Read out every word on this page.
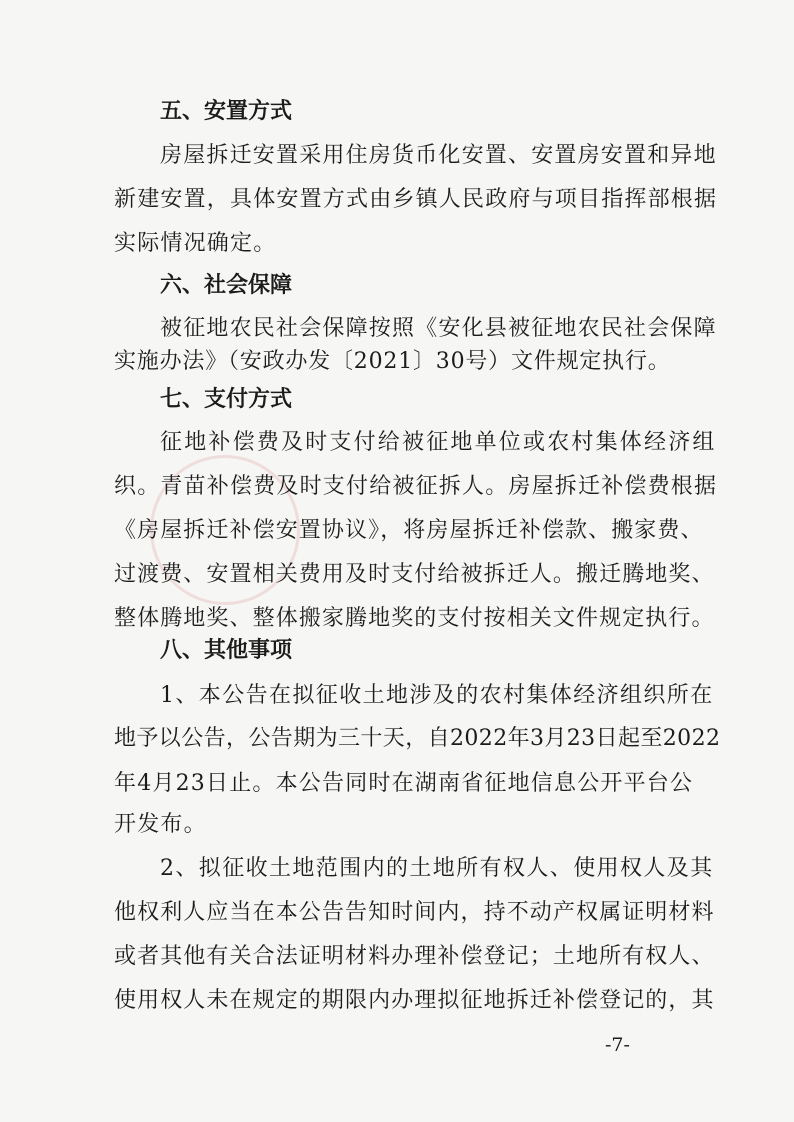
五、安置方式
房屋拆迁安置采用住房货币化安置、安置房安置和异地
新建安置，具体安置方式由乡镇人民政府与项目指挥部根据
实际情况确定。
六、社会保障
被征地农民社会保障按照《安化县被征地农民社会保障
实施办法》（安政办发〔2021〕30号）文件规定执行。
七、支付方式
征地补偿费及时支付给被征地单位或农村集体经济组
织。青苗补偿费及时支付给被征拆人。房屋拆迁补偿费根据
《房屋拆迁补偿安置协议》，将房屋拆迁补偿款、搬家费、
过渡费、安置相关费用及时支付给被拆迁人。搬迁腾地奖、
整体腾地奖、整体搬家腾地奖的支付按相关文件规定执行。
八、其他事项
1、本公告在拟征收土地涉及的农村集体经济组织所在
地予以公告，公告期为三十天，自2022年3月23日起至2022
年4月23日止。本公告同时在湖南省征地信息公开平台公
开发布。
2、拟征收土地范围内的土地所有权人、使用权人及其
他权利人应当在本公告告知时间内，持不动产权属证明材料
或者其他有关合法证明材料办理补偿登记；土地所有权人、
使用权人未在规定的期限内办理拟征地拆迁补偿登记的，其
-7-
